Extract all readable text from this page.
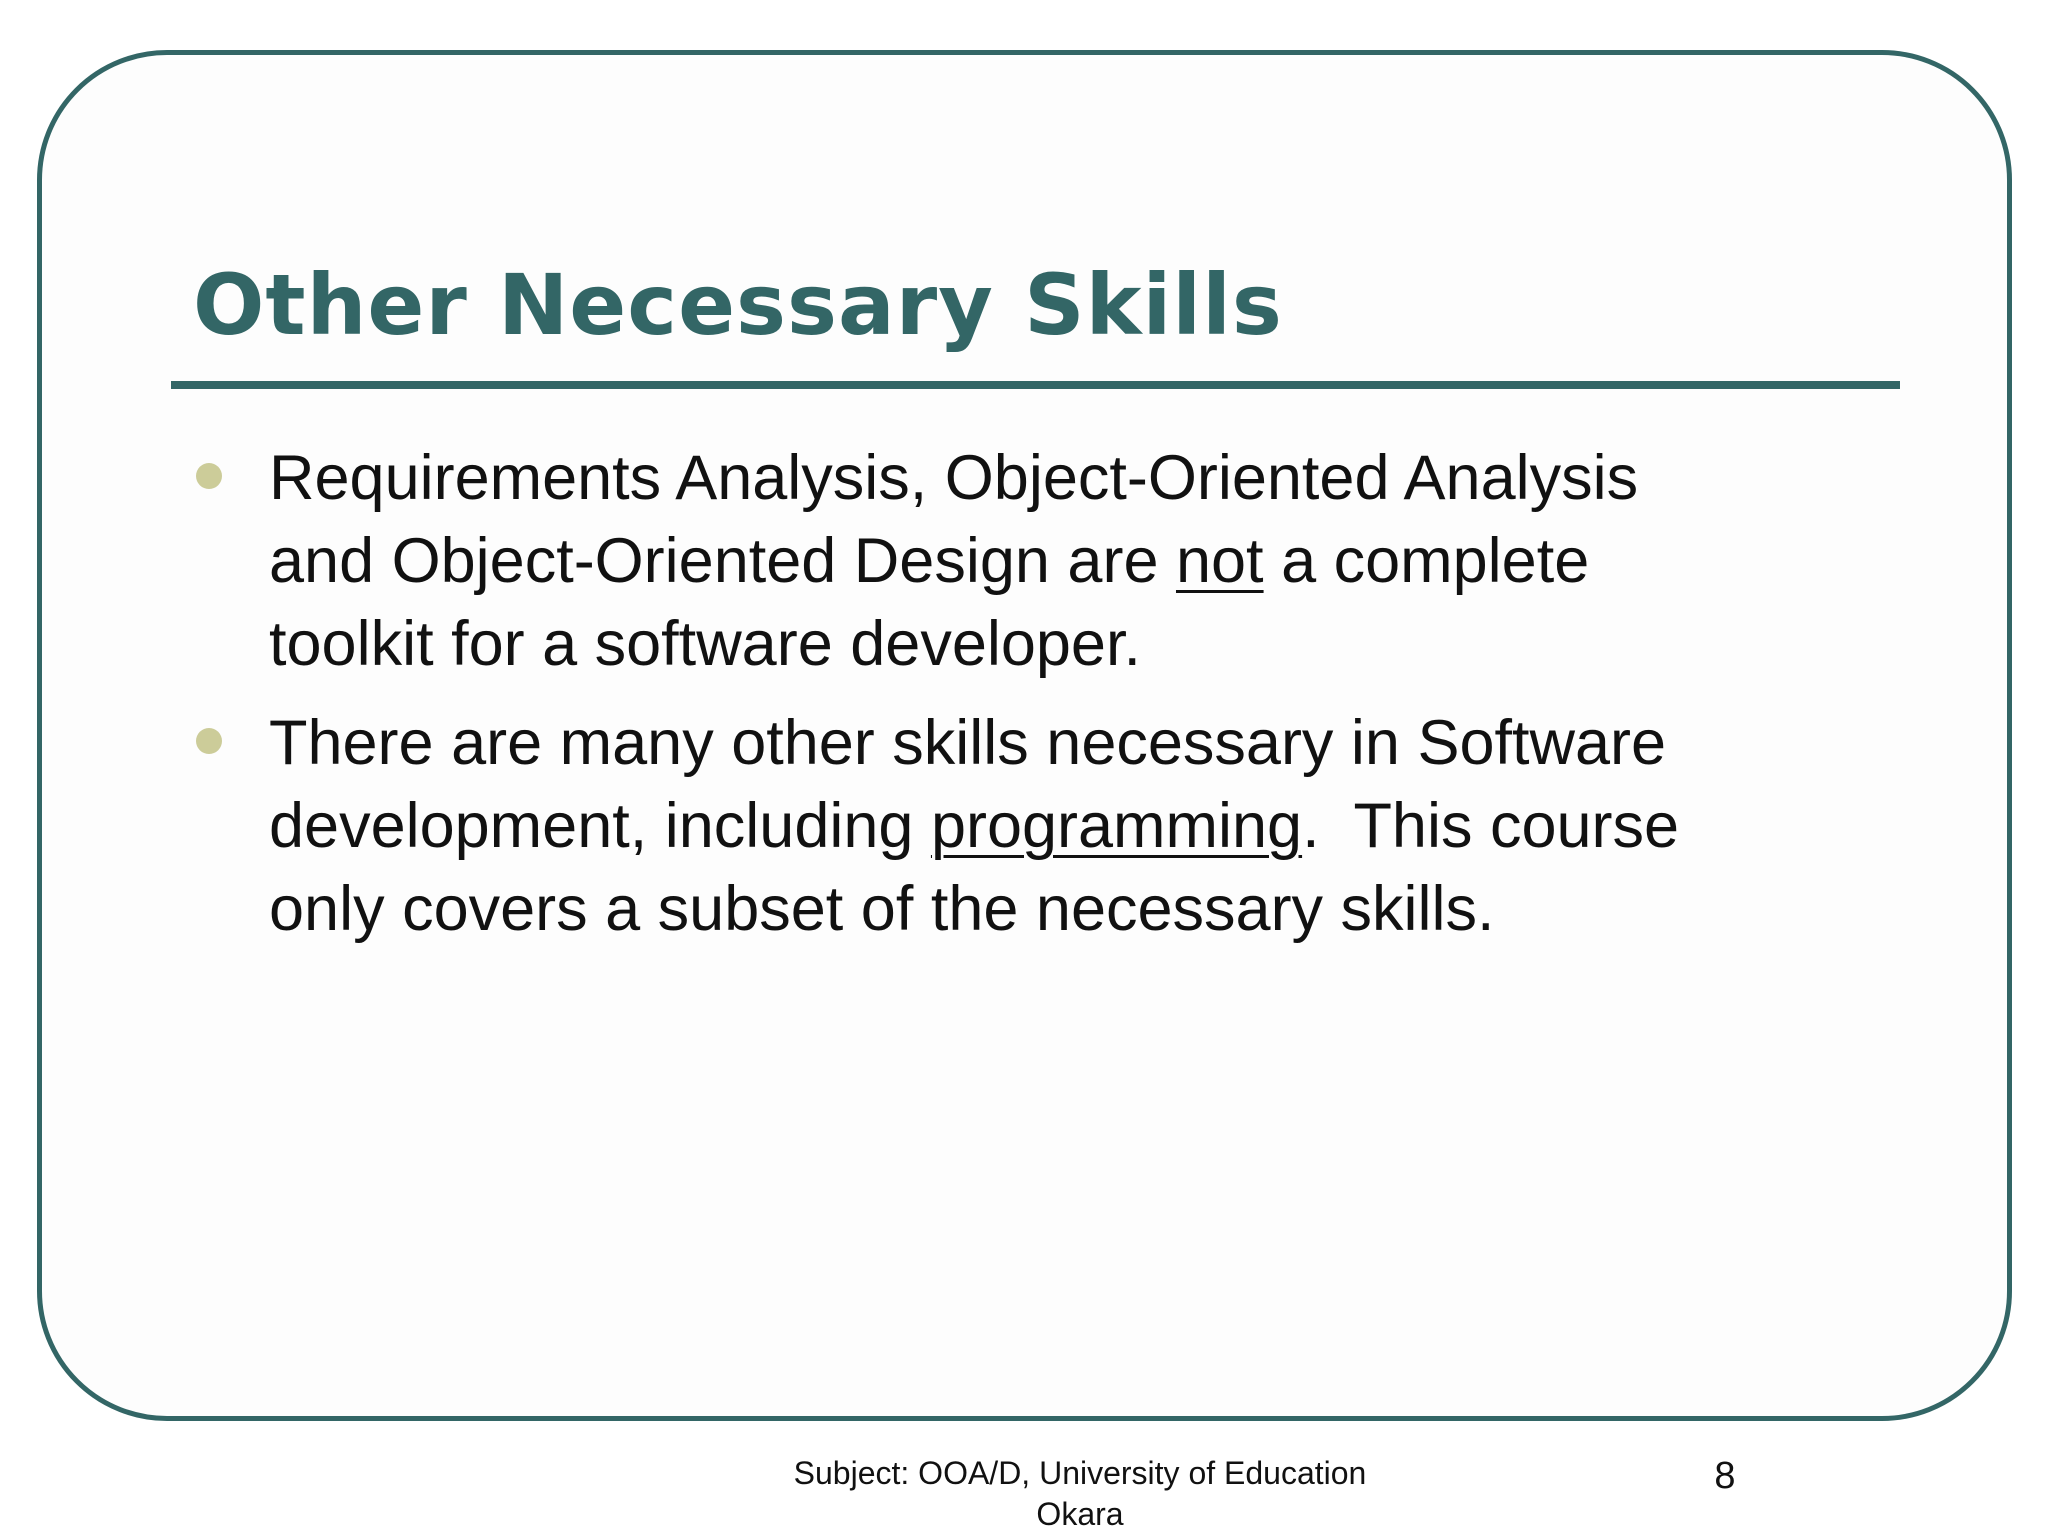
Other Necessary Skills
Requirements Analysis, Object-Oriented Analysis
and Object-Oriented Design are not a complete
toolkit for a software developer.
There are many other skills necessary in Software
development, including programming.  This course
only covers a subset of the necessary skills.
Subject: OOA/D, University of Education
Okara
8
